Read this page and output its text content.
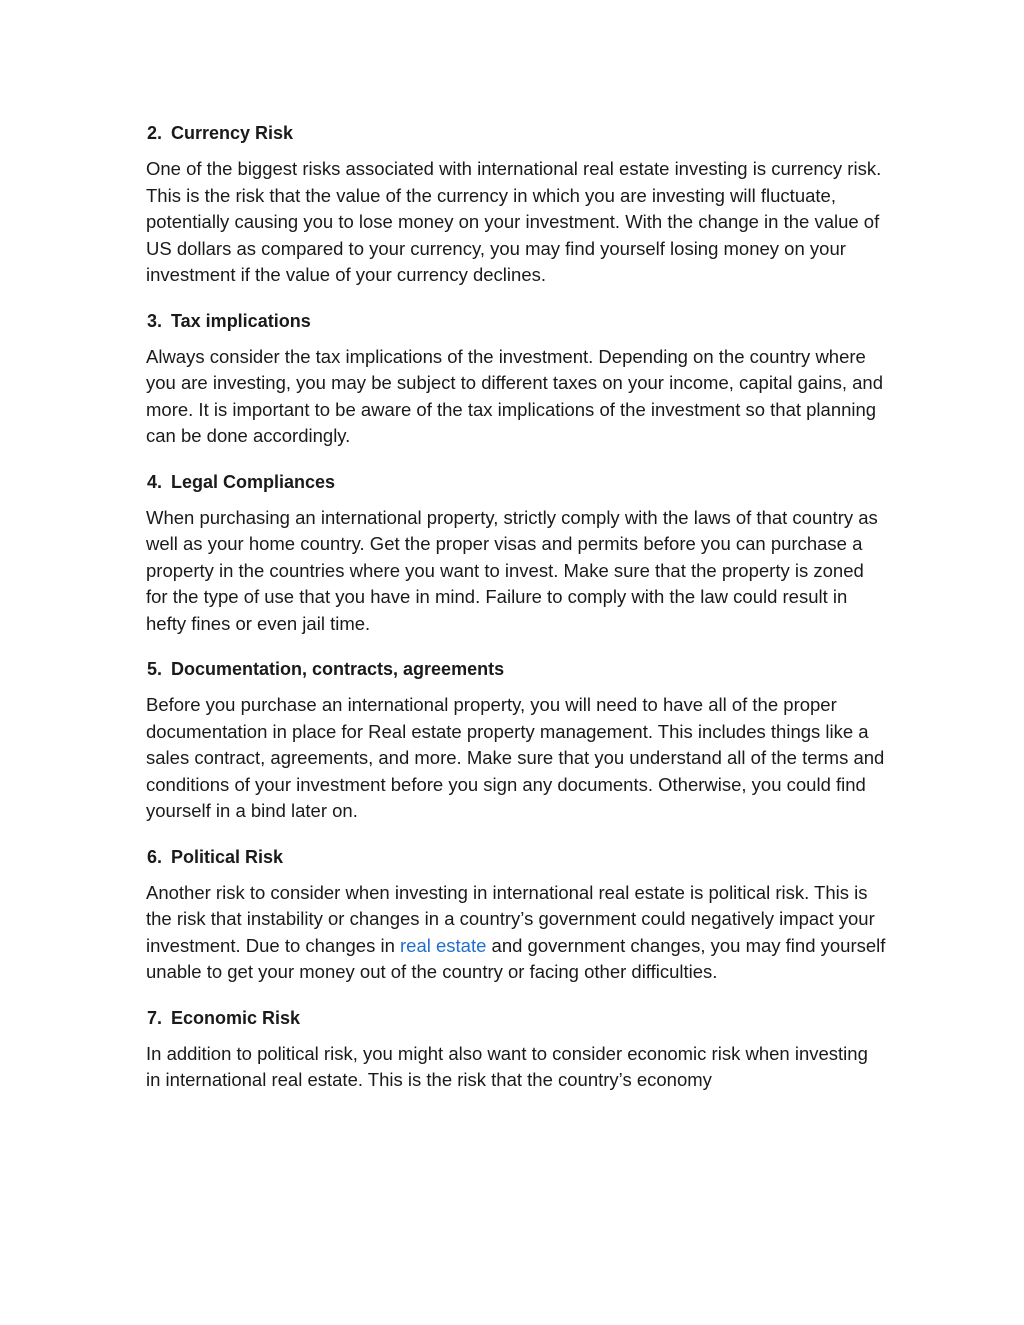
2. Currency Risk

One of the biggest risks associated with international real estate investing is currency risk. This is the risk that the value of the currency in which you are investing will fluctuate, potentially causing you to lose money on your investment. With the change in the value of US dollars as compared to your currency, you may find yourself losing money on your investment if the value of your currency declines.

3. Tax implications

Always consider the tax implications of the investment. Depending on the country where you are investing, you may be subject to different taxes on your income, capital gains, and more. It is important to be aware of the tax implications of the investment so that planning can be done accordingly.

4. Legal Compliances

When purchasing an international property, strictly comply with the laws of that country as well as your home country. Get the proper visas and permits before you can purchase a property in the countries where you want to invest. Make sure that the property is zoned for the type of use that you have in mind. Failure to comply with the law could result in hefty fines or even jail time.

5. Documentation, contracts, agreements

Before you purchase an international property, you will need to have all of the proper documentation in place for Real estate property management. This includes things like a sales contract, agreements, and more. Make sure that you understand all of the terms and conditions of your investment before you sign any documents. Otherwise, you could find yourself in a bind later on.

6. Political Risk

Another risk to consider when investing in international real estate is political risk. This is the risk that instability or changes in a country’s government could negatively impact your investment. Due to changes in real estate and government changes, you may find yourself unable to get your money out of the country or facing other difficulties.

7. Economic Risk

In addition to political risk, you might also want to consider economic risk when investing in international real estate. This is the risk that the country’s economy
